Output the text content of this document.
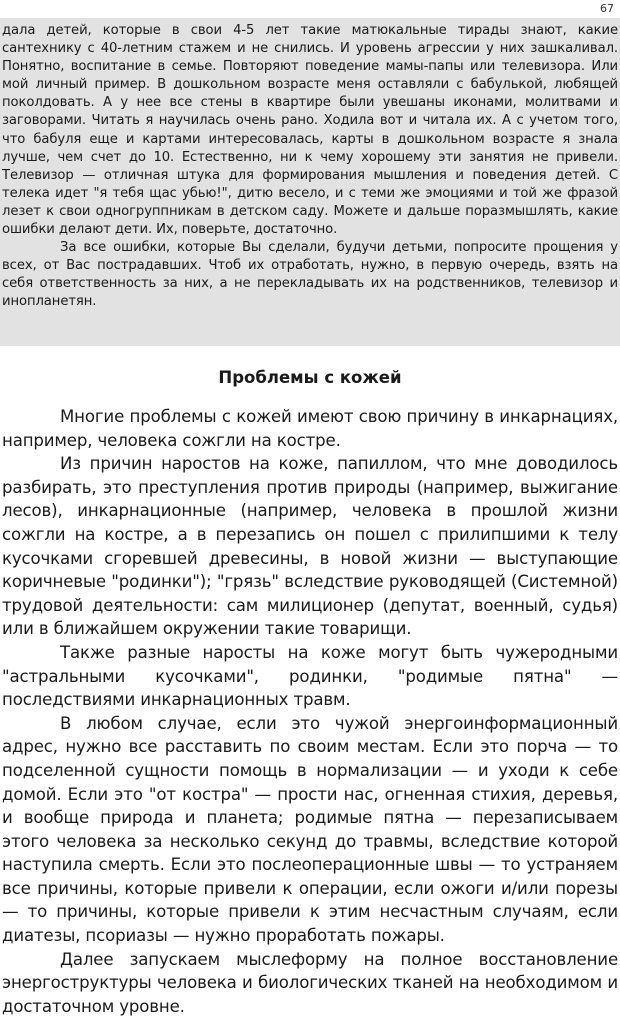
67

дала детей, которые в свои 4-5 лет такие матюкальные тирады знают, какие сантехнику с 40-летним стажем и не снились. И уровень агрессии у них зашкаливал. Понятно, воспитание в семье. Повторяют поведение мамы-папы или телевизора. Или мой личный пример. В дошкольном возрасте меня оставляли с бабулькой, любящей поколдовать. А у нее все стены в квартире были увешаны иконами, молитвами и заговорами. Читать я научилась очень рано. Ходила вот и читала их. А с учетом того, что бабуля еще и картами интересовалась, карты в дошкольном возрасте я знала лучше, чем счет до 10. Естественно, ни к чему хорошему эти занятия не привели. Телевизор — отличная штука для формирования мышления и поведения детей. С телека идет "я тебя щас убью!", дитю весело, и с теми же эмоциями и той же фразой лезет к свои одногруппникам в детском саду. Можете и дальше поразмышлять, какие ошибки делают дети. Их, поверьте, достаточно.

За все ошибки, которые Вы сделали, будучи детьми, попросите прощения у всех, от Вас пострадавших. Чтоб их отработать, нужно, в первую очередь, взять на себя ответственность за них, а не перекладывать их на родственников, телевизор и инопланетян.

Проблемы с кожей

Многие проблемы с кожей имеют свою причину в инкарнациях, например, человека сожгли на костре.

Из причин наростов на коже, папиллом, что мне доводилось разбирать, это преступления против природы (например, выжигание лесов), инкарнационные (например, человека в прошлой жизни сожгли на костре, а в перезапись он пошел с прилипшими к телу кусочками сгоревшей древесины, в новой жизни — выступающие коричневые "родинки"); "грязь" вследствие руководящей (Системной) трудовой деятельности: сам милиционер (депутат, военный, судья) или в ближайшем окружении такие товарищи.

Также разные наросты на коже могут быть чужеродными "астральными кусочками", родинки, "родимые пятна" — последствиями инкарнационных травм.

В любом случае, если это чужой энергоинформационный адрес, нужно все расставить по своим местам. Если это порча — то подселенной сущности помощь в нормализации — и уходи к себе домой. Если это "от костра" — прости нас, огненная стихия, деревья, и вообще природа и планета; родимые пятна — перезаписываем этого человека за несколько секунд до травмы, вследствие которой наступила смерть. Если это послеоперационные швы — то устраняем все причины, которые привели к операции, если ожоги и/или порезы — то причины, которые привели к этим несчастным случаям, если диатезы, псориазы — нужно проработать пожары.

Далее запускаем мыслеформу на полное восстановление энергоструктуры человека и биологических тканей на необходимом и достаточном уровне.
